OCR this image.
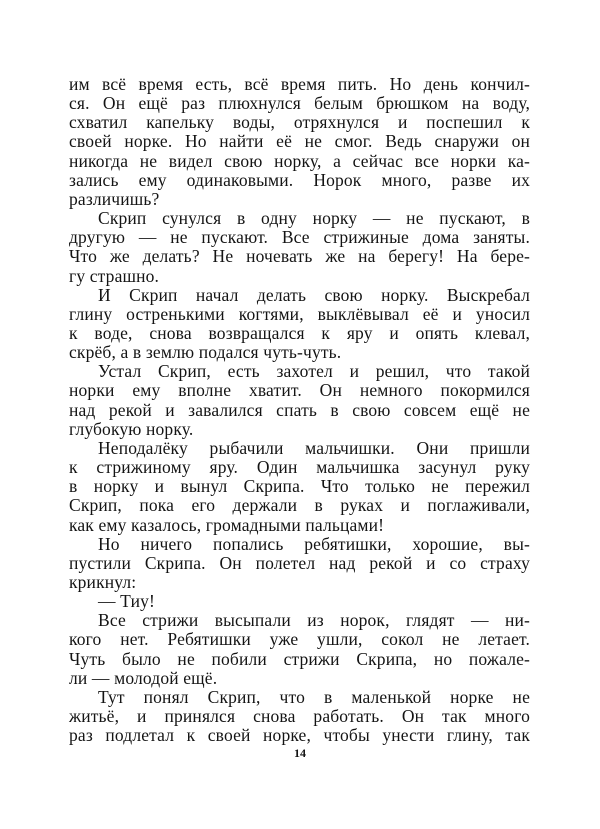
им всё время есть, всё время пить. Но день кончил-

ся. Он ещё раз плюхнулся белым брюшком на воду,

схватил капельку воды, отряхнулся и поспешил к

своей норке. Но найти её не смог. Ведь снаружи он

никогда не видел свою норку, а сейчас все норки ка-

зались ему одинаковыми. Норок много, разве их

различишь?

Скрип сунулся в одну норку — не пускают, в

другую — не пускают. Все стрижиные дома заняты.

Что же делать? Не ночевать же на берегу! На бере-

гу страшно.

И Скрип начал делать свою норку. Выскребал

глину остренькими когтями, выклёвывал её и уносил

к воде, снова возвращался к яру и опять клевал,

скрёб, а в землю подался чуть-чуть.

Устал Скрип, есть захотел и решил, что такой

норки ему вполне хватит. Он немного покормился

над рекой и завалился спать в свою совсем ещё не

глубокую норку.

Неподалёку рыбачили мальчишки. Они пришли

к стрижиному яру. Один мальчишка засунул руку

в норку и вынул Скрипа. Что только не пережил

Скрип, пока его держали в руках и поглаживали,

как ему казалось, громадными пальцами!

Но ничего попались ребятишки, хорошие, вы-

пустили Скрипа. Он полетел над рекой и со страху

крикнул:

— Тиу!

Все стрижи высыпали из норок, глядят — ни-

кого нет. Ребятишки уже ушли, сокол не летает.

Чуть было не побили стрижи Скрипа, но пожале-

ли — молодой ещё.

Тут понял Скрип, что в маленькой норке не

житьё, и принялся снова работать. Он так много

раз подлетал к своей норке, чтобы унести глину, так

14
